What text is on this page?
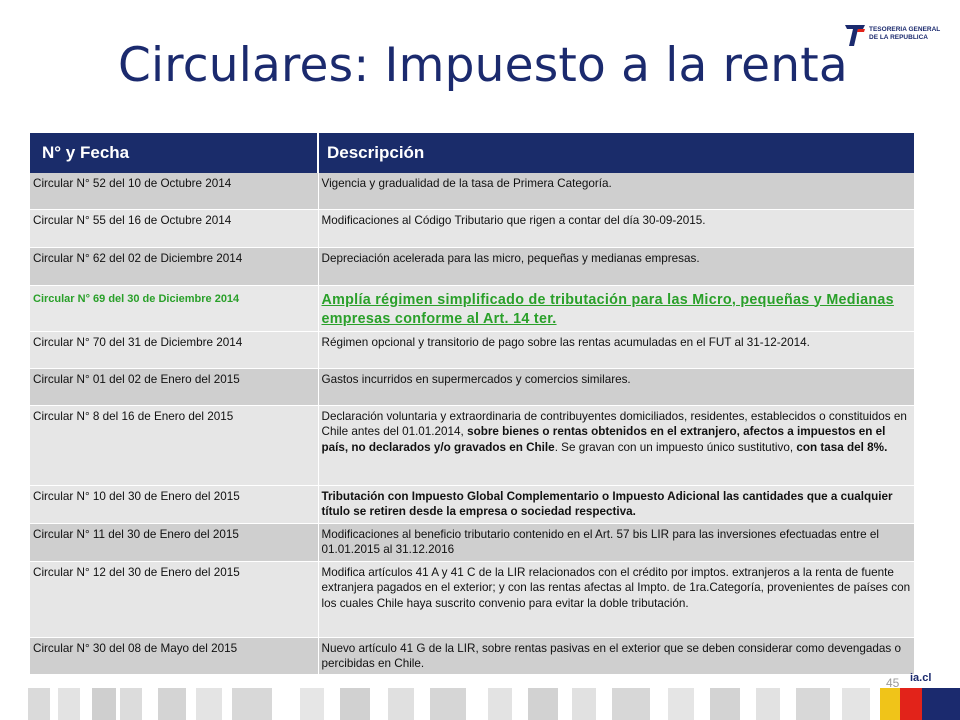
Circulares: Impuesto a la renta
TESORERIA GENERAL
DE LA REPUBLICA
N° y Fecha	Descripción
Circular N° 52 del 10 de Octubre 2014	Vigencia y gradualidad de la tasa de Primera Categoría.
Circular N° 55 del 16 de Octubre 2014	Modificaciones al Código Tributario que rigen a contar del día 30-09-2015.
Circular N° 62 del 02 de Diciembre 2014	Depreciación acelerada para las micro, pequeñas y medianas empresas.
Circular N° 69 del 30 de Diciembre 2014	Amplía régimen simplificado de tributación para las Micro, pequeñas y Medianas empresas conforme al Art. 14 ter.

Circular N° 70 del 31 de Diciembre 2014	Régimen opcional y transitorio de pago sobre las rentas acumuladas en el FUT al 31-12-2014.
Circular N° 01 del 02 de Enero del 2015	Gastos incurridos en supermercados y comercios similares.
Circular N° 8 del 16 de Enero del 2015	Declaración voluntaria y extraordinaria de contribuyentes domiciliados, residentes, establecidos o constituidos en Chile antes del 01.01.2014, sobre bienes o rentas obtenidos en el extranjero, afectos a impuestos en el país, no declarados y/o gravados en Chile. Se gravan con un impuesto único sustitutivo, con tasa del 8%.
Circular N° 10 del 30 de Enero del 2015	Tributación con Impuesto Global Complementario o Impuesto Adicional las cantidades que a cualquier título se retiren desde la empresa o sociedad respectiva.
Circular N° 11 del 30 de Enero del 2015	Modificaciones al beneficio tributario contenido en el Art. 57 bis LIR para las inversiones efectuadas entre el 01.01.2015 al 31.12.2016
Circular N° 12 del 30 de Enero del 2015	Modifica artículos 41 A y 41 C de la LIR relacionados con el crédito por imptos. extranjeros a la renta de fuente extranjera pagados en el exterior; y con las rentas afectas al Impto. de 1ra.Categoría, provenientes de países con los cuales Chile haya suscrito convenio para evitar la doble tributación.
Circular N° 30 del 08 de Mayo del 2015	Nuevo artículo 41 G de la LIR, sobre rentas pasivas en el exterior que se deben considerar como devengadas o percibidas en Chile.
45 ia.cl
